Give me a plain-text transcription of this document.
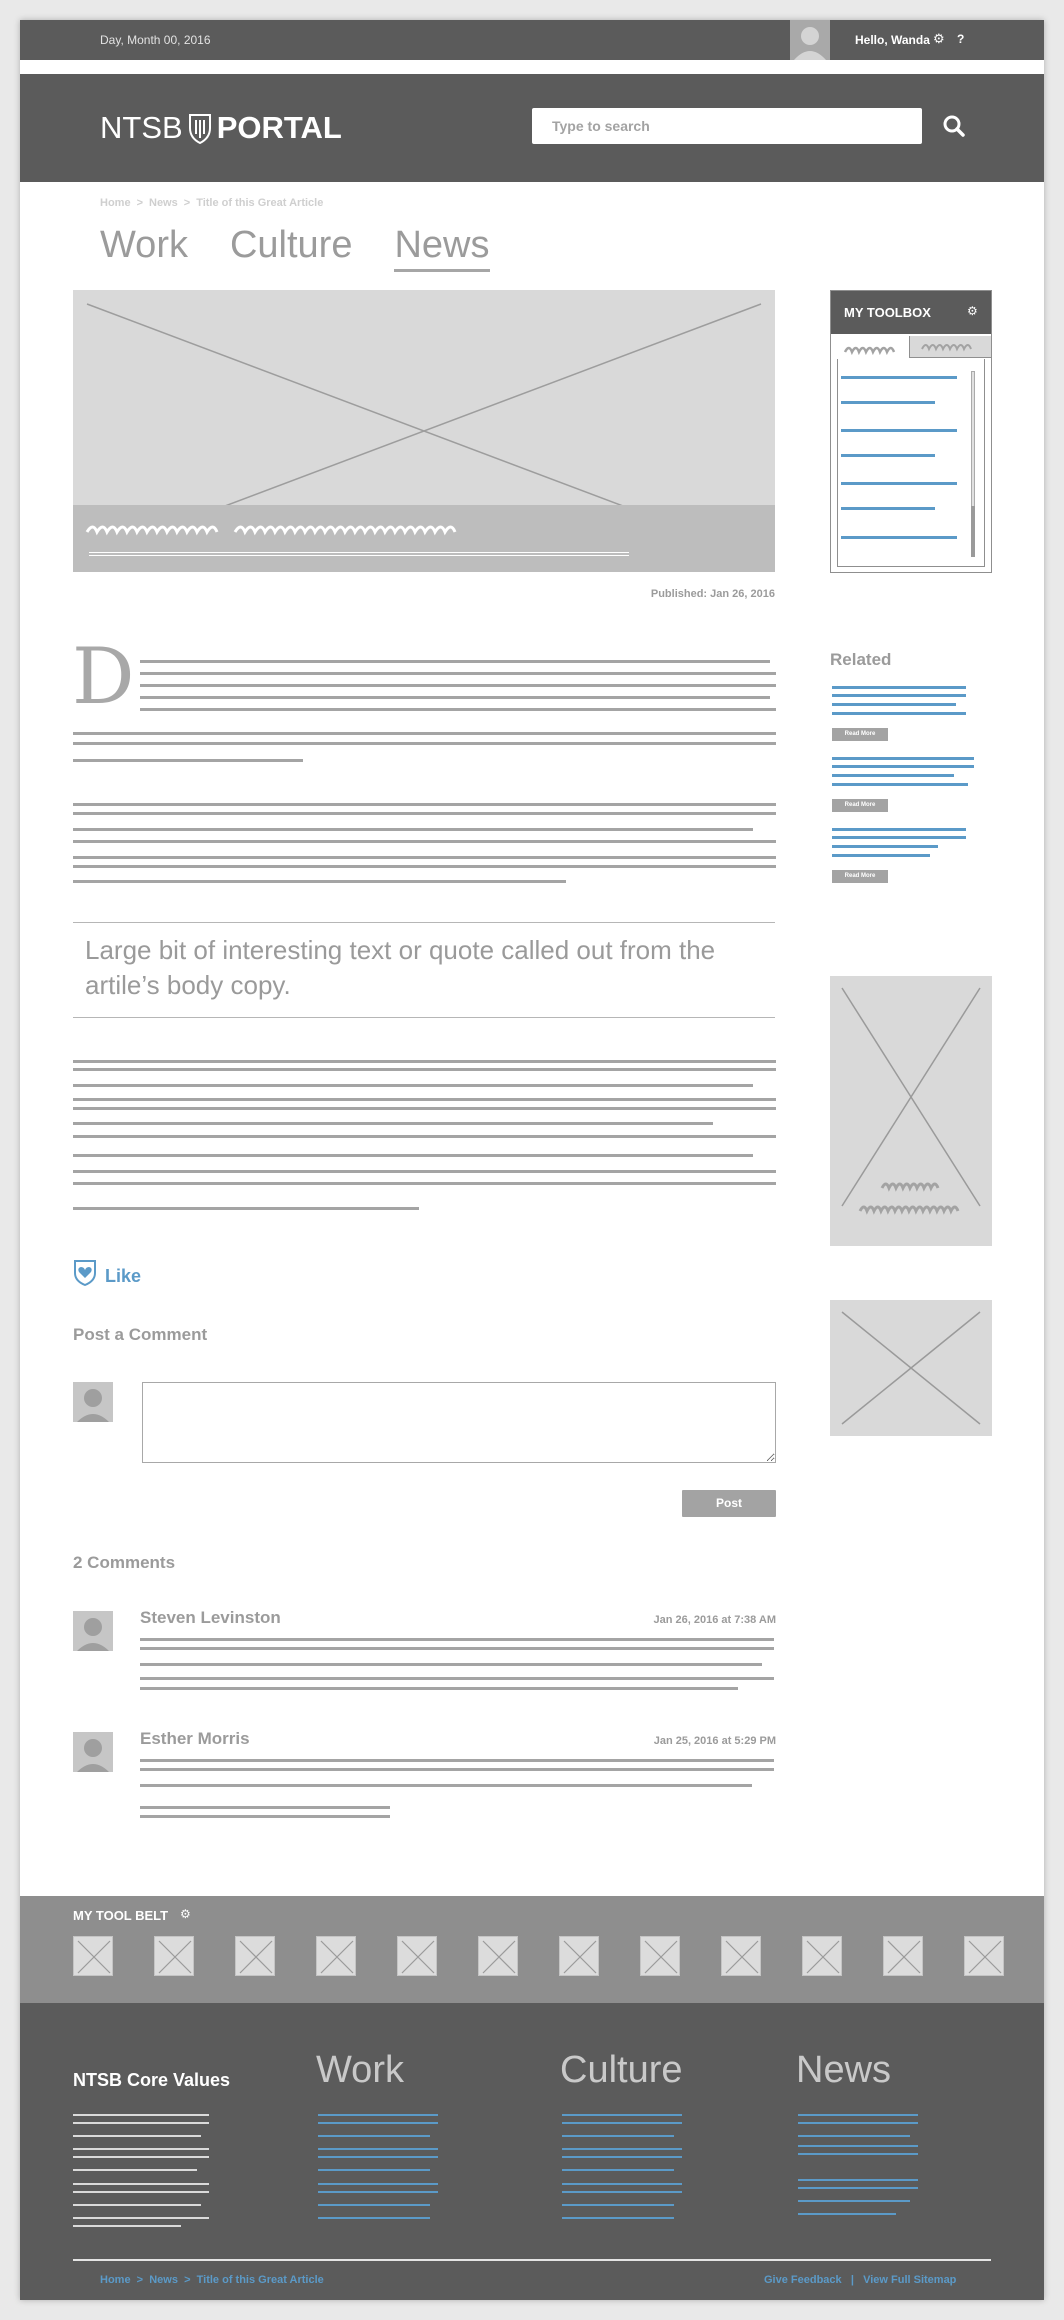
Day, Month 00, 2016	Hello, Wanda ⚙ ?
NTSB PORTAL
Type to search
Home > News > Title of this Great Article
Work Culture News
Published: Jan 26, 2016
D
Large bit of interesting text or quote called out from the artile’s body copy.
Like
Post a Comment
Post
2 Comments
Steven Levinston	Jan 26, 2016 at 7:38 AM
Esther Morris	Jan 25, 2016 at 5:29 PM
MY TOOLBOX	⚙
Related
Read More
Read More
Read More
MY TOOL BELT ⚙
NTSB Core Values Work	Culture	News
Home  >  News  >  Title of this Great Article	Give Feedback | View Full Sitemap
